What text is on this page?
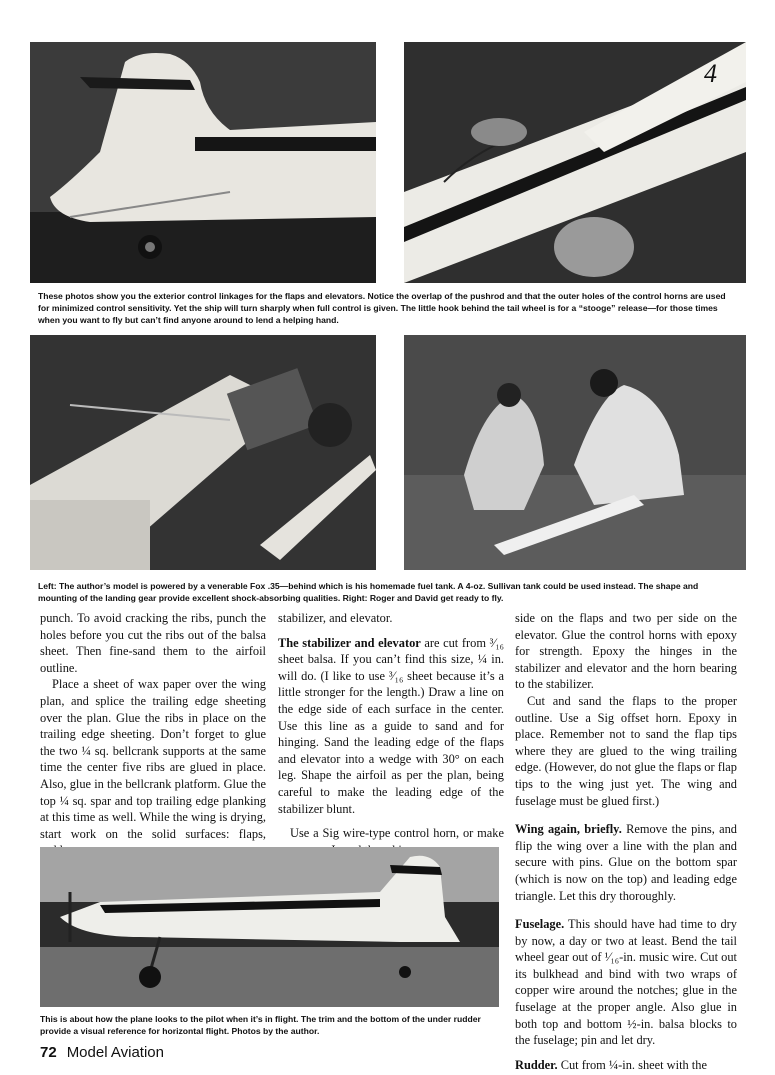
4

These photos show you the exterior control linkages for the flaps and elevators. Notice the overlap of the pushrod and that the outer holes of the control horns are used for minimized control sensitivity. Yet the ship will turn sharply when full control is given. The little hook behind the tail wheel is for a “stooge” release—for those times when you want to fly but can’t find anyone around to lend a helping hand.

Left: The author’s model is powered by a venerable Fox .35—behind which is his homemade fuel tank. A 4-oz. Sullivan tank could be used instead. The shape and mounting of the landing gear provide excellent shock-absorbing qualities. Right: Roger and David get ready to fly.

punch. To avoid cracking the ribs, punch the holes before you cut the ribs out of the balsa sheet. Then fine-sand them to the airfoil outline.

Place a sheet of wax paper over the wing plan, and splice the trailing edge sheeting over the plan. Glue the ribs in place on the trailing edge sheeting. Don’t forget to glue the two ¼ sq. bellcrank supports at the same time the center five ribs are glued in place. Also, glue in the bellcrank platform. Glue the top ¼ sq. spar and top trailing edge planking at this time as well. While the wing is drying, start work on the solid surfaces: flaps,

stabilizer, and elevator.

The stabilizer and elevator are cut from ³⁄₁₆ sheet balsa. If you can’t find this size, ¼ in. will do. (I like to use ³⁄₁₆ sheet because it’s a little stronger for the length.) Draw a line on the edge side of each surface in the center. Use this line as a guide to sand and for hinging. Sand the leading edge of the flaps and elevator into a wedge with 30° on each leg. Shape the airfoil as per the plan, being careful to make the leading edge of the stabilizer blunt.

Use a Sig wire-type control horn, or make

side on the flaps and two per side on the elevator. Glue the control horns with epoxy for strength. Epoxy the hinges in the stabilizer and elevator and the horn bearing to the stabilizer.

Cut and sand the flaps to the proper outline. Use a Sig offset horn. Epoxy in place. Remember not to sand the flap tips where they are glued to the wing trailing edge. (However, do not glue the flaps or flap tips to the wing just yet. The wing and fuselage must be glued first.)

Wing again, briefly. Remove the pins, and flip the wing over a line with the plan and secure with pins. Glue on the bottom spar (which is now on the top) and leading edge triangle. Let this dry thoroughly.

Fuselage. This should have had time to dry by now, a day or two at least. Bend the tail wheel gear out of ¹⁄₁₆-in. music wire. Cut out its bulkhead and bind with two wraps of copper wire around the notches; glue in the fuselage at the proper angle. Also glue in both top and bottom ½-in. balsa blocks to the fuselage; pin and let dry.

Rudder. Cut from ¼-in. sheet with the

This is about how the plane looks to the pilot when it’s in flight. The trim and the bottom of the under rudder provide a visual reference for horizontal flight. Photos by the author.

72 Model Aviation
